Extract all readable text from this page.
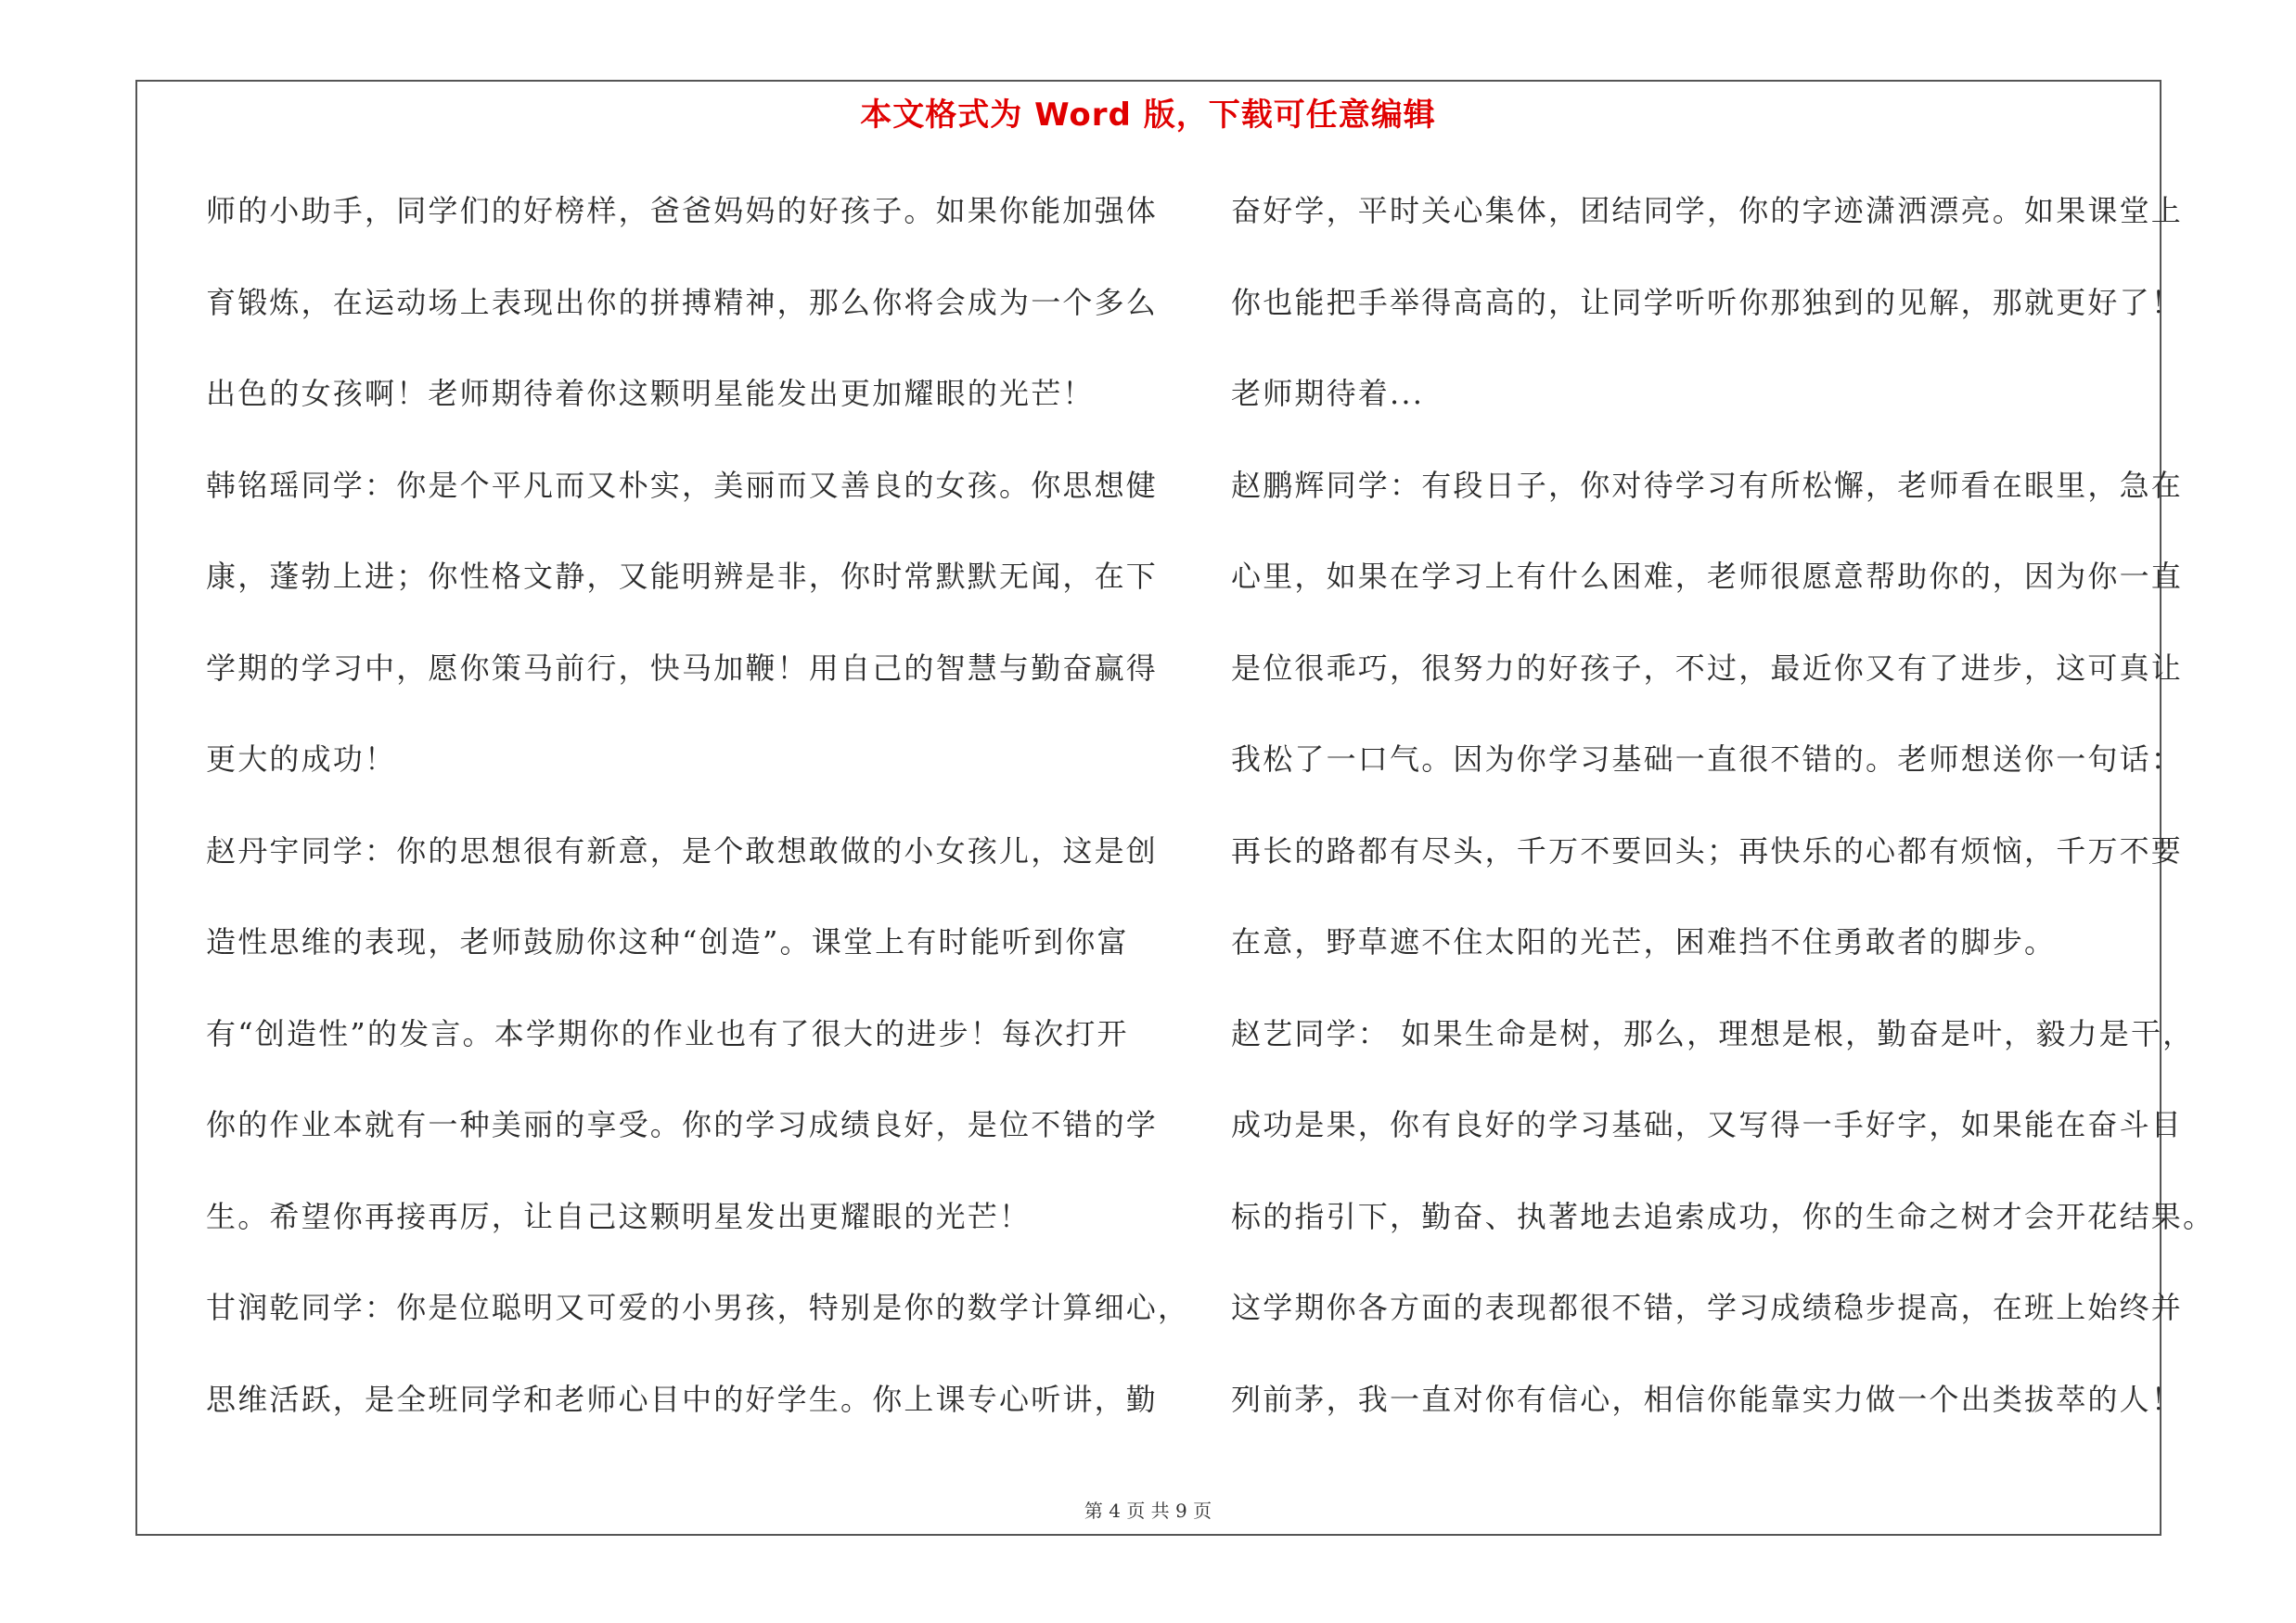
本文格式为 Word 版，下载可任意编辑
师的小助手，同学们的好榜样，爸爸妈妈的好孩子。如果你能加强体
育锻炼，在运动场上表现出你的拼搏精神，那么你将会成为一个多么
出色的女孩啊！老师期待着你这颗明星能发出更加耀眼的光芒！
韩铭瑶同学：你是个平凡而又朴实，美丽而又善良的女孩。你思想健
康，蓬勃上进；你性格文静，又能明辨是非，你时常默默无闻，在下
学期的学习中，愿你策马前行，快马加鞭！用自己的智慧与勤奋赢得
更大的成功！
赵丹宇同学：你的思想很有新意，是个敢想敢做的小女孩儿，这是创
造性思维的表现，老师鼓励你这种“创造”。课堂上有时能听到你富
有“创造性”的发言。本学期你的作业也有了很大的进步！每次打开
你的作业本就有一种美丽的享受。你的学习成绩良好，是位不错的学
生。希望你再接再厉，让自己这颗明星发出更耀眼的光芒！
甘润乾同学：你是位聪明又可爱的小男孩，特别是你的数学计算细心，
思维活跃，是全班同学和老师心目中的好学生。你上课专心听讲，勤
奋好学，平时关心集体，团结同学，你的字迹潇洒漂亮。如果课堂上
你也能把手举得高高的，让同学听听你那独到的见解，那就更好了！
老师期待着...
赵鹏辉同学：有段日子，你对待学习有所松懈，老师看在眼里，急在
心里，如果在学习上有什么困难，老师很愿意帮助你的，因为你一直
是位很乖巧，很努力的好孩子，不过，最近你又有了进步，这可真让
我松了一口气。因为你学习基础一直很不错的。老师想送你一句话：
再长的路都有尽头，千万不要回头；再快乐的心都有烦恼，千万不要
在意，野草遮不住太阳的光芒，困难挡不住勇敢者的脚步。
赵艺同学： 如果生命是树，那么，理想是根，勤奋是叶，毅力是干，
成功是果，你有良好的学习基础，又写得一手好字，如果能在奋斗目
标的指引下，勤奋、执著地去追索成功，你的生命之树才会开花结果。
这学期你各方面的表现都很不错，学习成绩稳步提高，在班上始终并
列前茅，我一直对你有信心，相信你能靠实力做一个出类拔萃的人！
第 4 页 共 9 页
